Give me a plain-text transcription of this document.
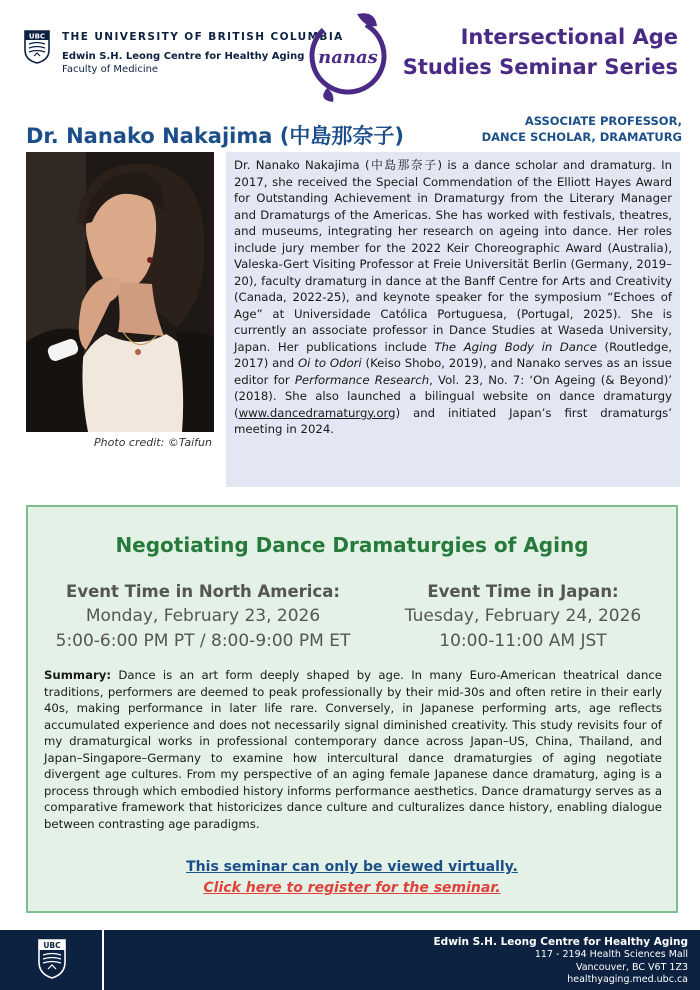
UBC THE UNIVERSITY OF BRITISH COLUMBIA
Edwin S.H. Leong Centre for Healthy Aging
Faculty of Medicine
nanas
Intersectional Age
Studies Seminar Series
Dr. Nanako Nakajima (中島那奈子)
ASSOCIATE PROFESSOR,
DANCE SCHOLAR, DRAMATURG
Photo credit: ©Taifun

Dr. Nanako Nakajima (中島那奈子) is a dance scholar and dramaturg. In 2017, she received the Special Commendation of the Elliott Hayes Award for Outstanding Achievement in Dramaturgy from the Literary Manager and Dramaturgs of the Americas. She has worked with festivals, theatres, and museums, integrating her research on ageing into dance. Her roles include jury member for the 2022 Keir Choreographic Award (Australia), Valeska-Gert Visiting Professor at Freie Universität Berlin (Germany, 2019–20), faculty dramaturg in dance at the Banff Centre for Arts and Creativity (Canada, 2022-25), and keynote speaker for the symposium “Echoes of Age” at Universidade Católica Portuguesa, (Portugal, 2025). She is currently an associate professor in Dance Studies at Waseda University, Japan. Her publications include The Aging Body in Dance (Routledge, 2017) and Oi to Odori (Keiso Shobo, 2019), and Nanako serves as an issue editor for Performance Research, Vol. 23, No. 7: ‘On Ageing (& Beyond)’ (2018). She also launched a bilingual website on dance dramaturgy (www.dancedramaturgy.org) and initiated Japan’s first dramaturgs’ meeting in 2024.

Negotiating Dance Dramaturgies of Aging
Event Time in North America:
Monday, February 23, 2026
5:00-6:00 PM PT / 8:00-9:00 PM ET
Event Time in Japan:
Tuesday, February 24, 2026
10:00-11:00 AM JST

Summary: Dance is an art form deeply shaped by age. In many Euro-American theatrical dance traditions, performers are deemed to peak professionally by their mid-30s and often retire in their early 40s, making performance in later life rare. Conversely, in Japanese performing arts, age reflects accumulated experience and does not necessarily signal diminished creativity. This study revisits four of my dramaturgical works in professional contemporary dance across Japan–US, China, Thailand, and Japan–Singapore–Germany to examine how intercultural dance dramaturgies of aging negotiate divergent age cultures. From my perspective of an aging female Japanese dance dramaturg, aging is a process through which embodied history informs performance aesthetics. Dance dramaturgy serves as a comparative framework that historicizes dance culture and culturalizes dance history, enabling dialogue between contrasting age paradigms.

This seminar can only be viewed virtually.
Click here to register for the seminar.
UBC	Edwin S.H. Leong Centre for Healthy Aging
117 - 2194 Health Sciences Mall
Vancouver, BC V6T 1Z3
healthyaging.med.ubc.ca
